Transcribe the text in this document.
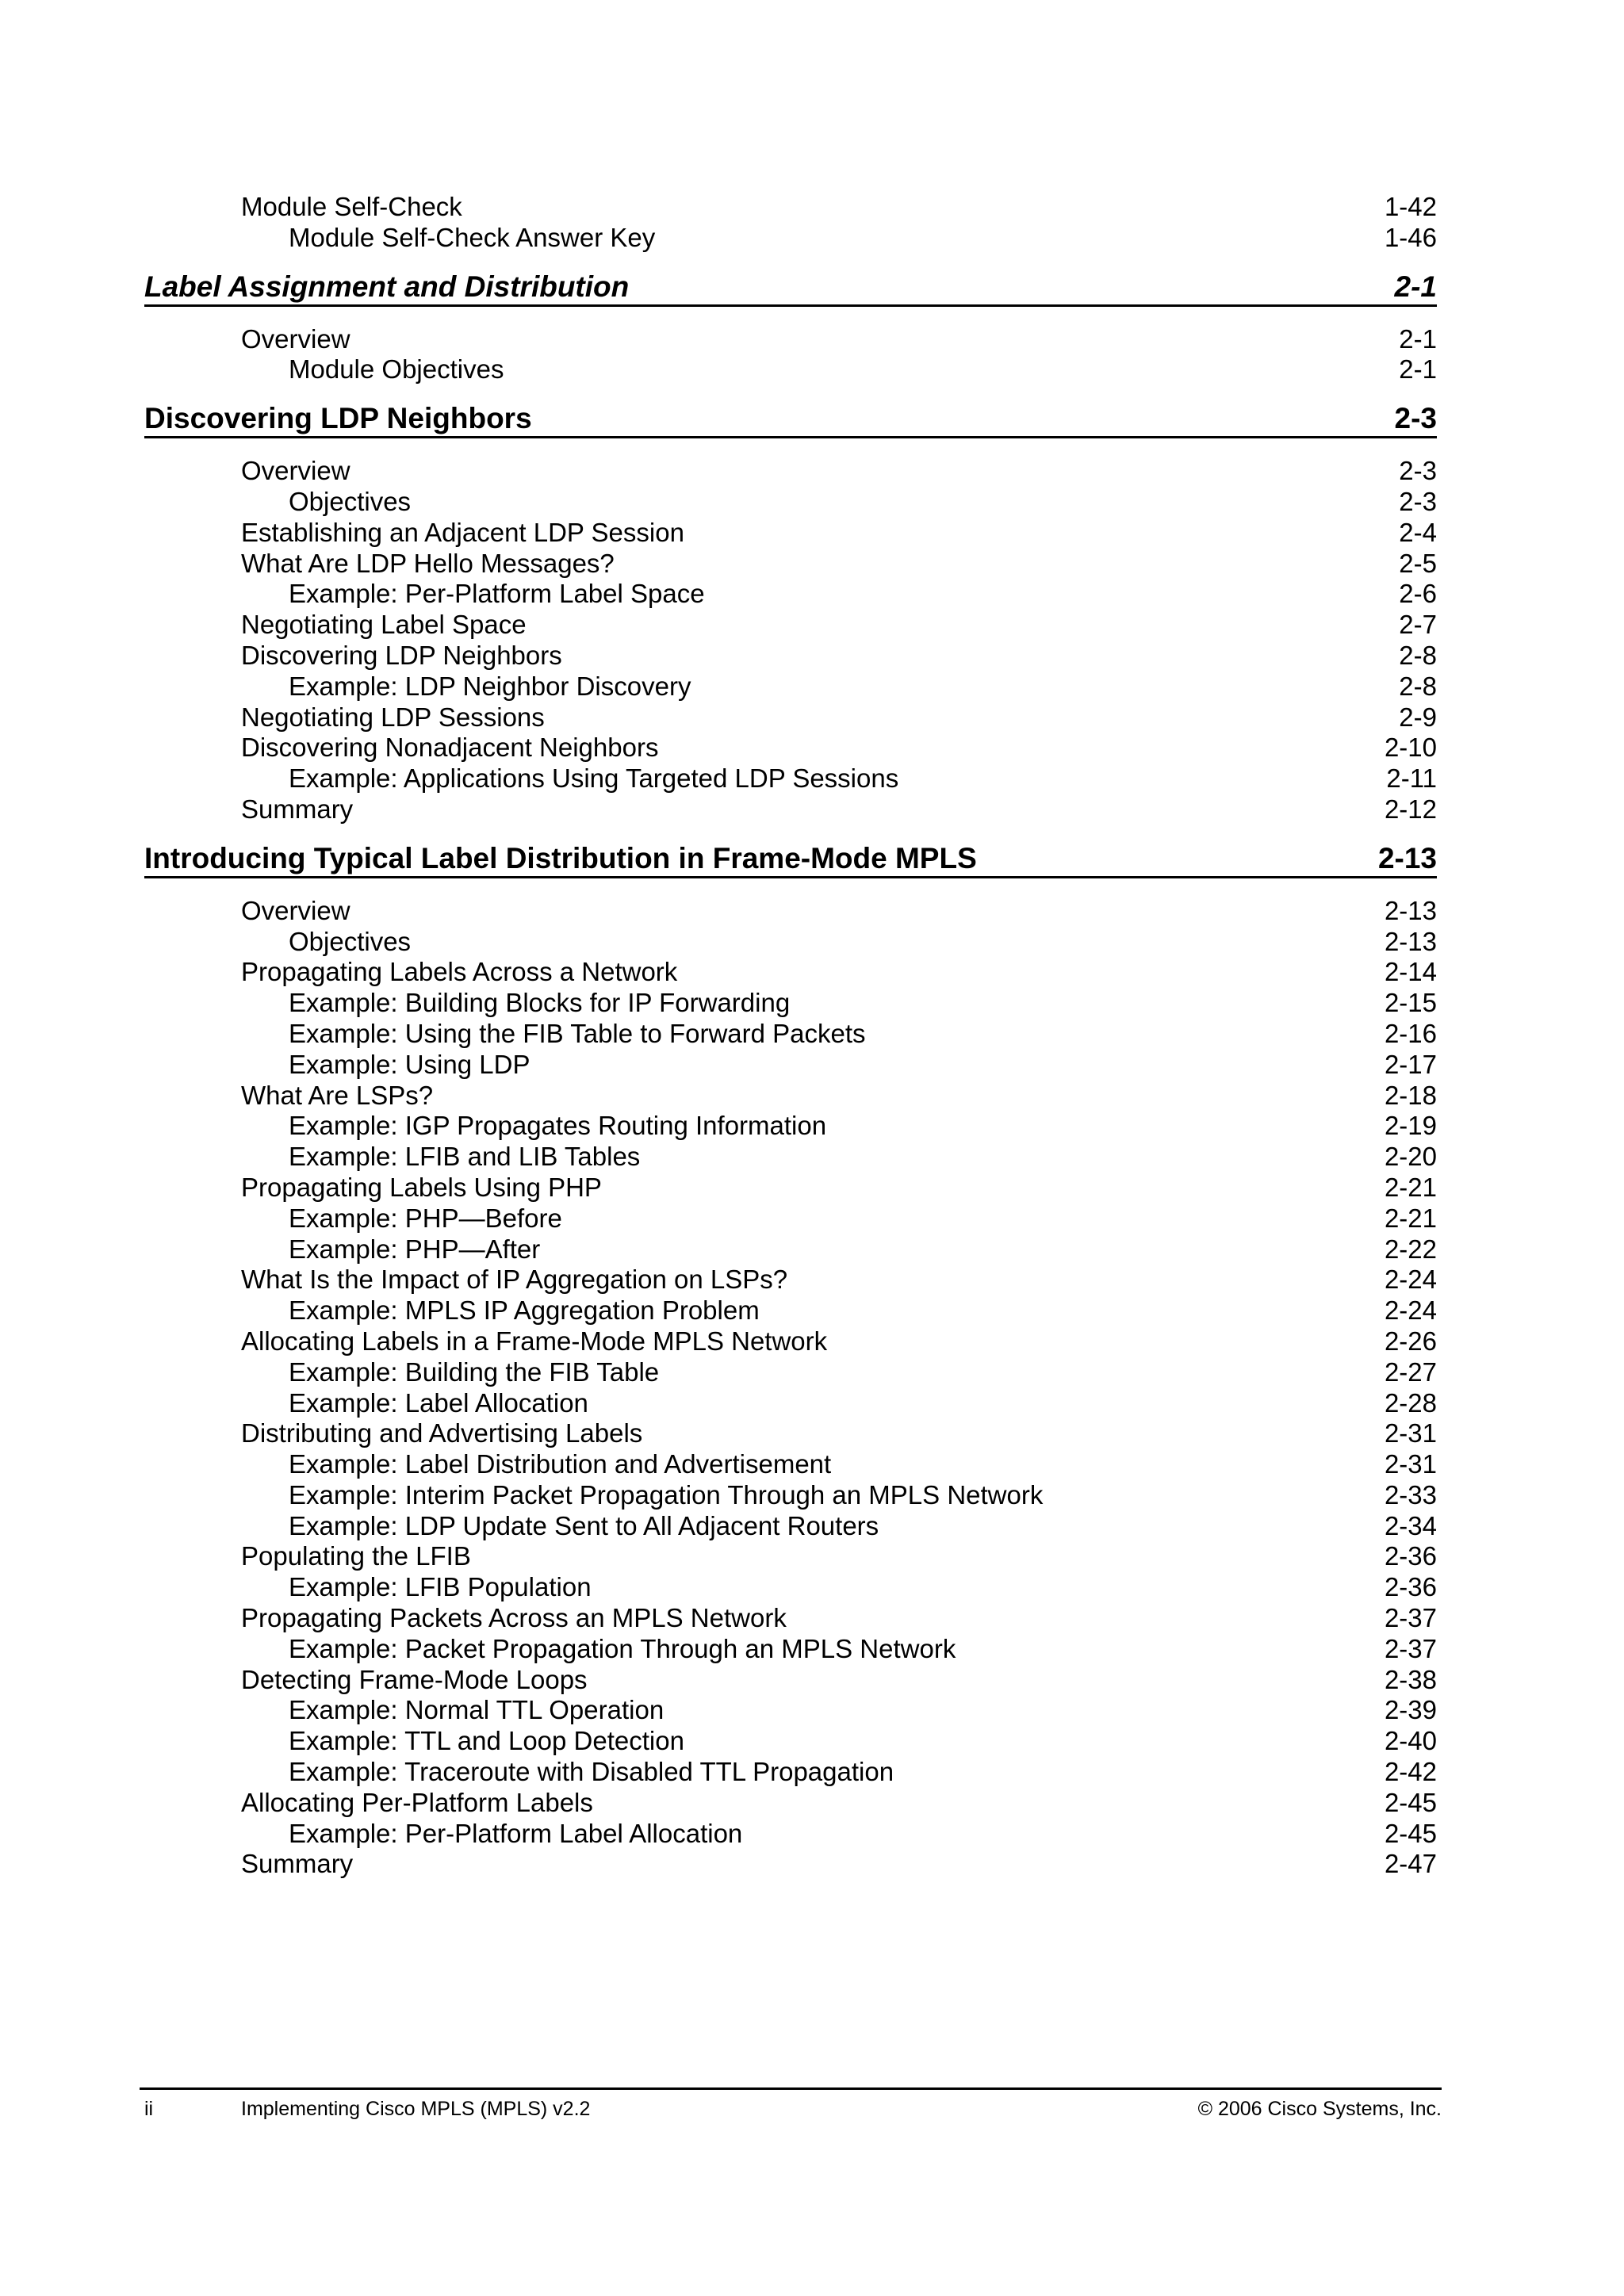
Module Self-Check	1-42
Module Self-Check Answer Key	1-46
Label Assignment and Distribution	2-1
Overview	2-1
Module Objectives	2-1
Discovering LDP Neighbors	2-3
Overview	2-3
Objectives	2-3
Establishing an Adjacent LDP Session	2-4
What Are LDP Hello Messages?	2-5
Example: Per-Platform Label Space	2-6
Negotiating Label Space	2-7
Discovering LDP Neighbors	2-8
Example: LDP Neighbor Discovery	2-8
Negotiating LDP Sessions	2-9
Discovering Nonadjacent Neighbors	2-10
Example: Applications Using Targeted LDP Sessions	2-11
Summary	2-12
Introducing Typical Label Distribution in Frame-Mode MPLS	2-13
Overview	2-13
Objectives	2-13
Propagating Labels Across a Network	2-14
Example: Building Blocks for IP Forwarding	2-15
Example: Using the FIB Table to Forward Packets	2-16
Example: Using LDP	2-17
What Are LSPs?	2-18
Example: IGP Propagates Routing Information	2-19
Example: LFIB and LIB Tables	2-20
Propagating Labels Using PHP	2-21
Example: PHP—Before	2-21
Example: PHP—After	2-22
What Is the Impact of IP Aggregation on LSPs?	2-24
Example: MPLS IP Aggregation Problem	2-24
Allocating Labels in a Frame-Mode MPLS Network	2-26
Example: Building the FIB Table	2-27
Example: Label Allocation	2-28
Distributing and Advertising Labels	2-31
Example: Label Distribution and Advertisement	2-31
Example: Interim Packet Propagation Through an MPLS Network	2-33
Example: LDP Update Sent to All Adjacent Routers	2-34
Populating the LFIB	2-36
Example: LFIB Population	2-36
Propagating Packets Across an MPLS Network	2-37
Example: Packet Propagation Through an MPLS Network	2-37
Detecting Frame-Mode Loops	2-38
Example: Normal TTL Operation	2-39
Example: TTL and Loop Detection	2-40
Example: Traceroute with Disabled TTL Propagation	2-42
Allocating Per-Platform Labels	2-45
Example: Per-Platform Label Allocation	2-45
Summary	2-47
ii	Implementing Cisco MPLS (MPLS) v2.2	© 2006 Cisco Systems, Inc.
